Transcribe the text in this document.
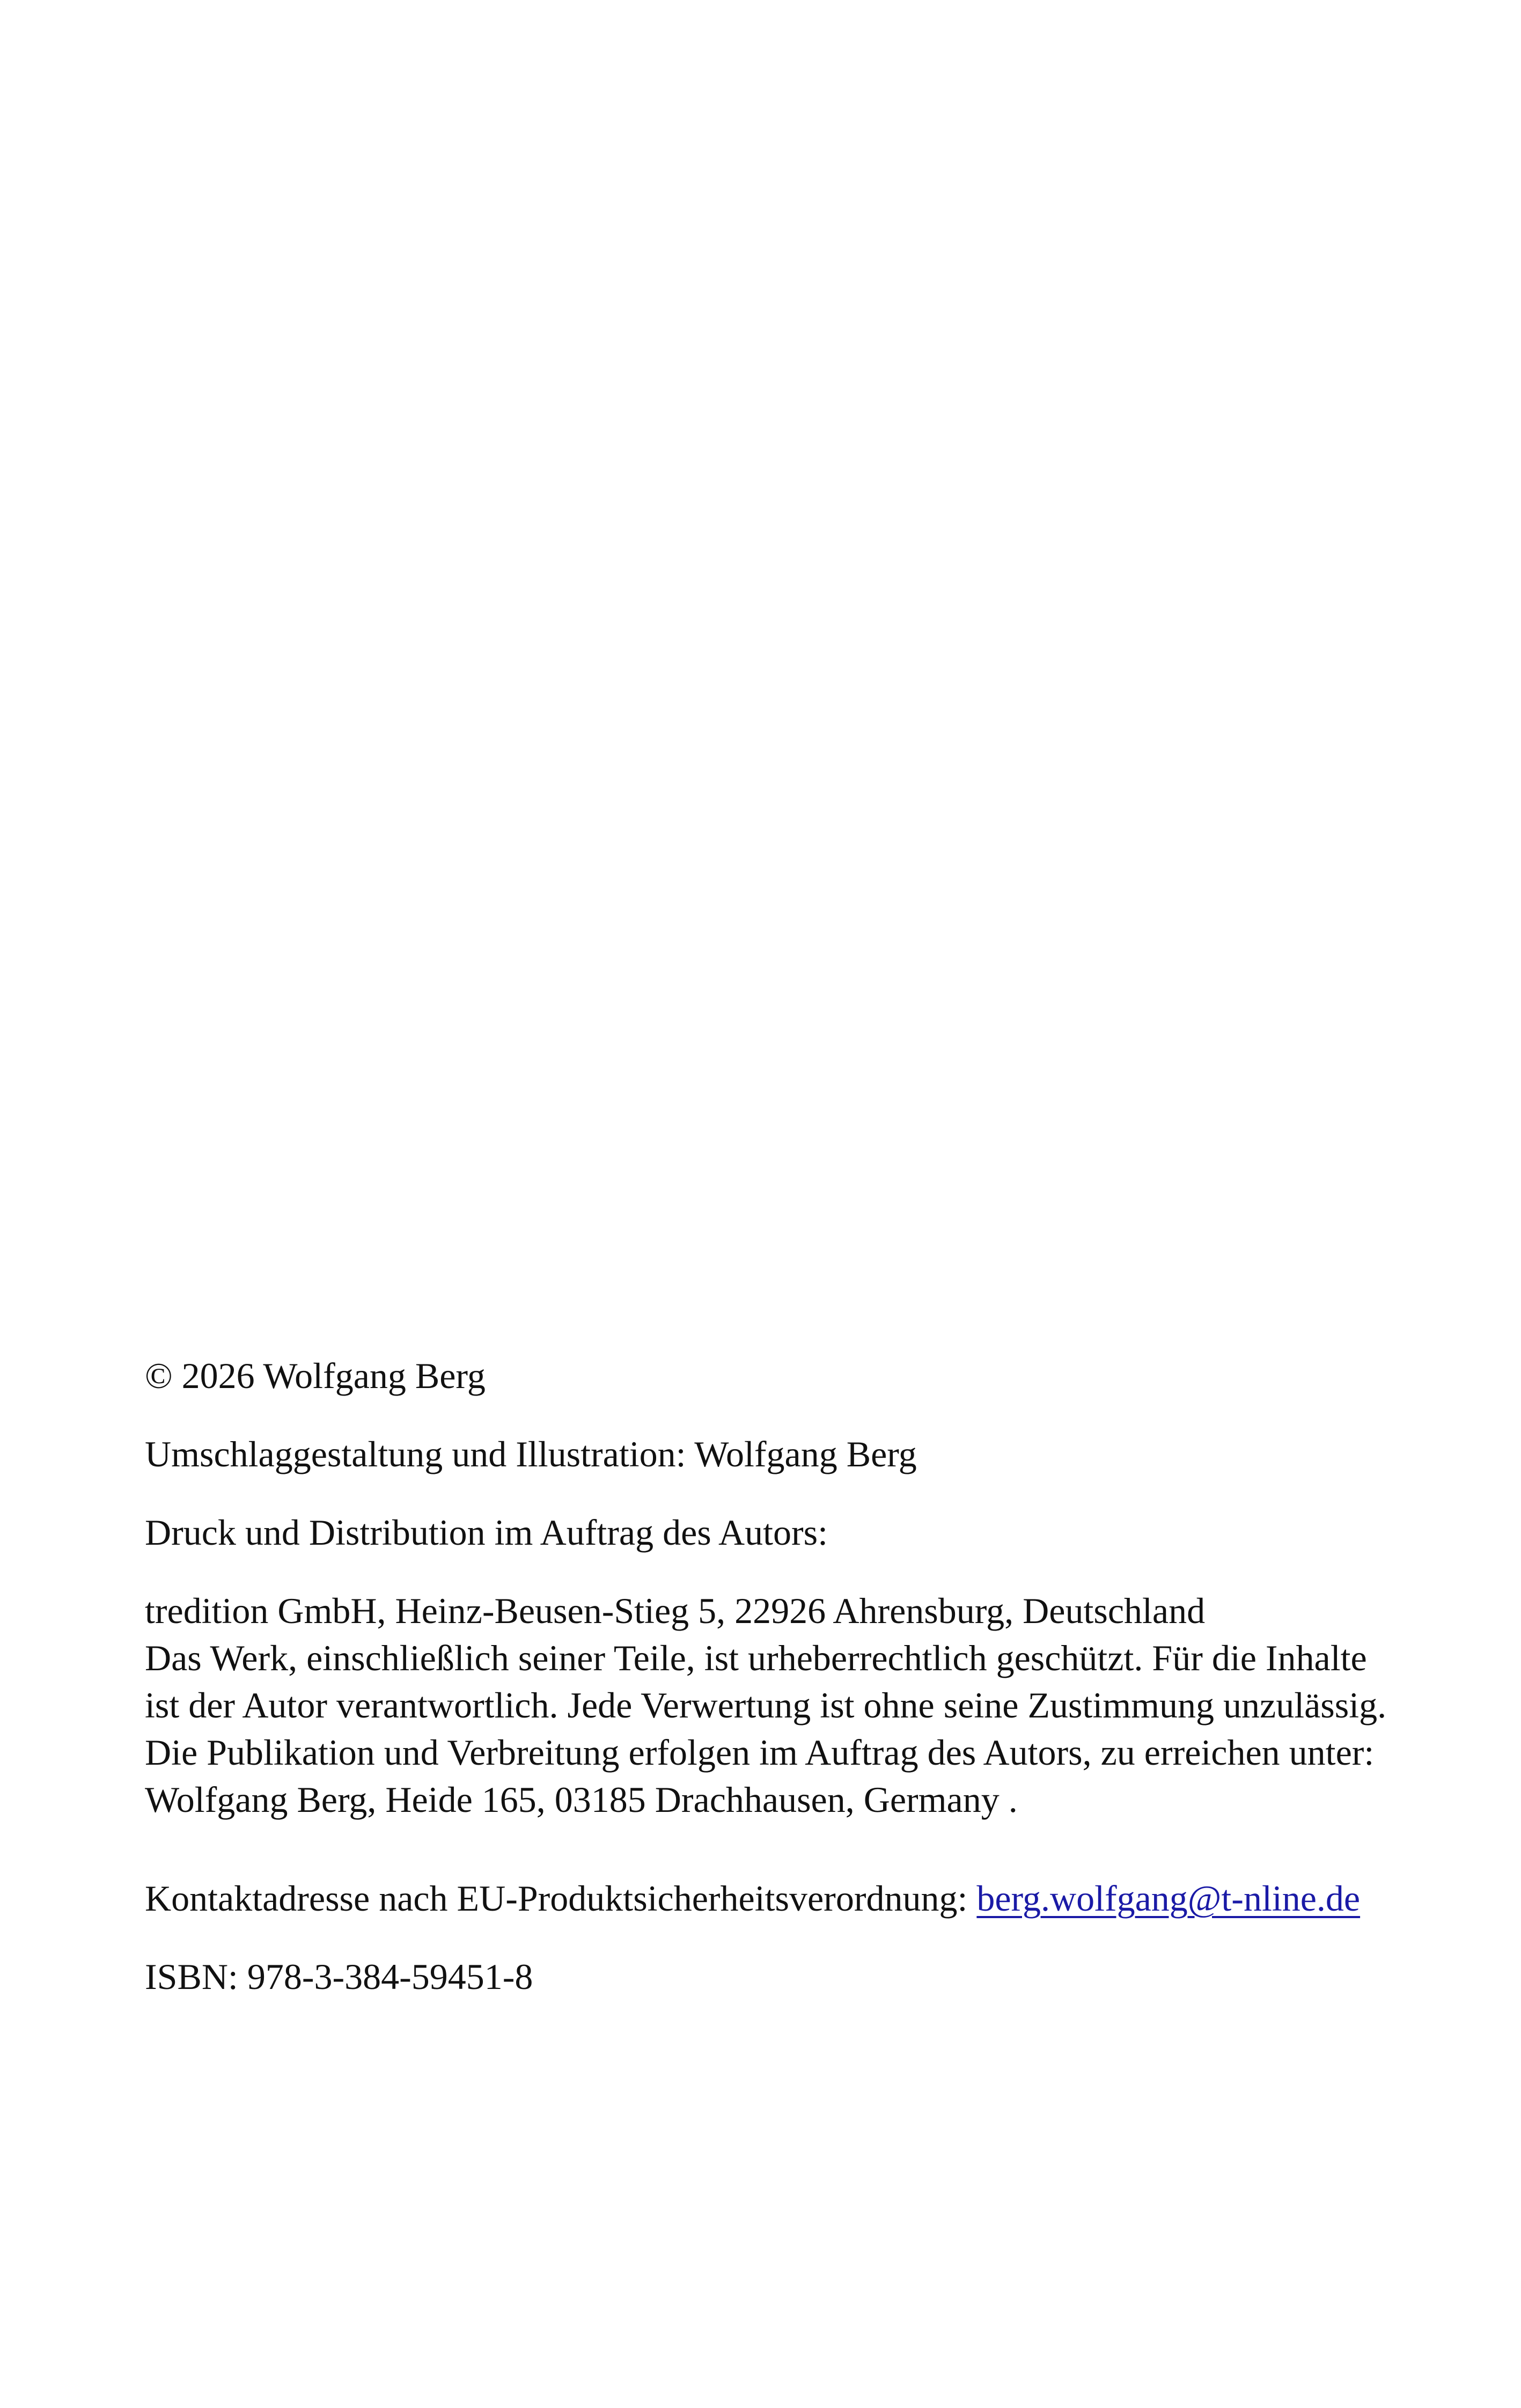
© 2026 Wolfgang Berg

Umschlaggestaltung und Illustration: Wolfgang Berg

Druck und Distribution im Auftrag des Autors:

tredition GmbH, Heinz-Beusen-Stieg 5, 22926 Ahrensburg, Deutschland

Das Werk, einschließlich seiner Teile, ist urheberrechtlich geschützt. Für die Inhalte

ist der Autor verantwortlich. Jede Verwertung ist ohne seine Zustimmung unzulässig.

Die Publikation und Verbreitung erfolgen im Auftrag des Autors, zu erreichen unter:

Wolfgang Berg, Heide 165, 03185 Drachhausen, Germany .

Kontaktadresse nach EU-Produktsicherheitsverordnung: berg.wolfgang@t-nline.de

ISBN: 978-3-384-59451-8
